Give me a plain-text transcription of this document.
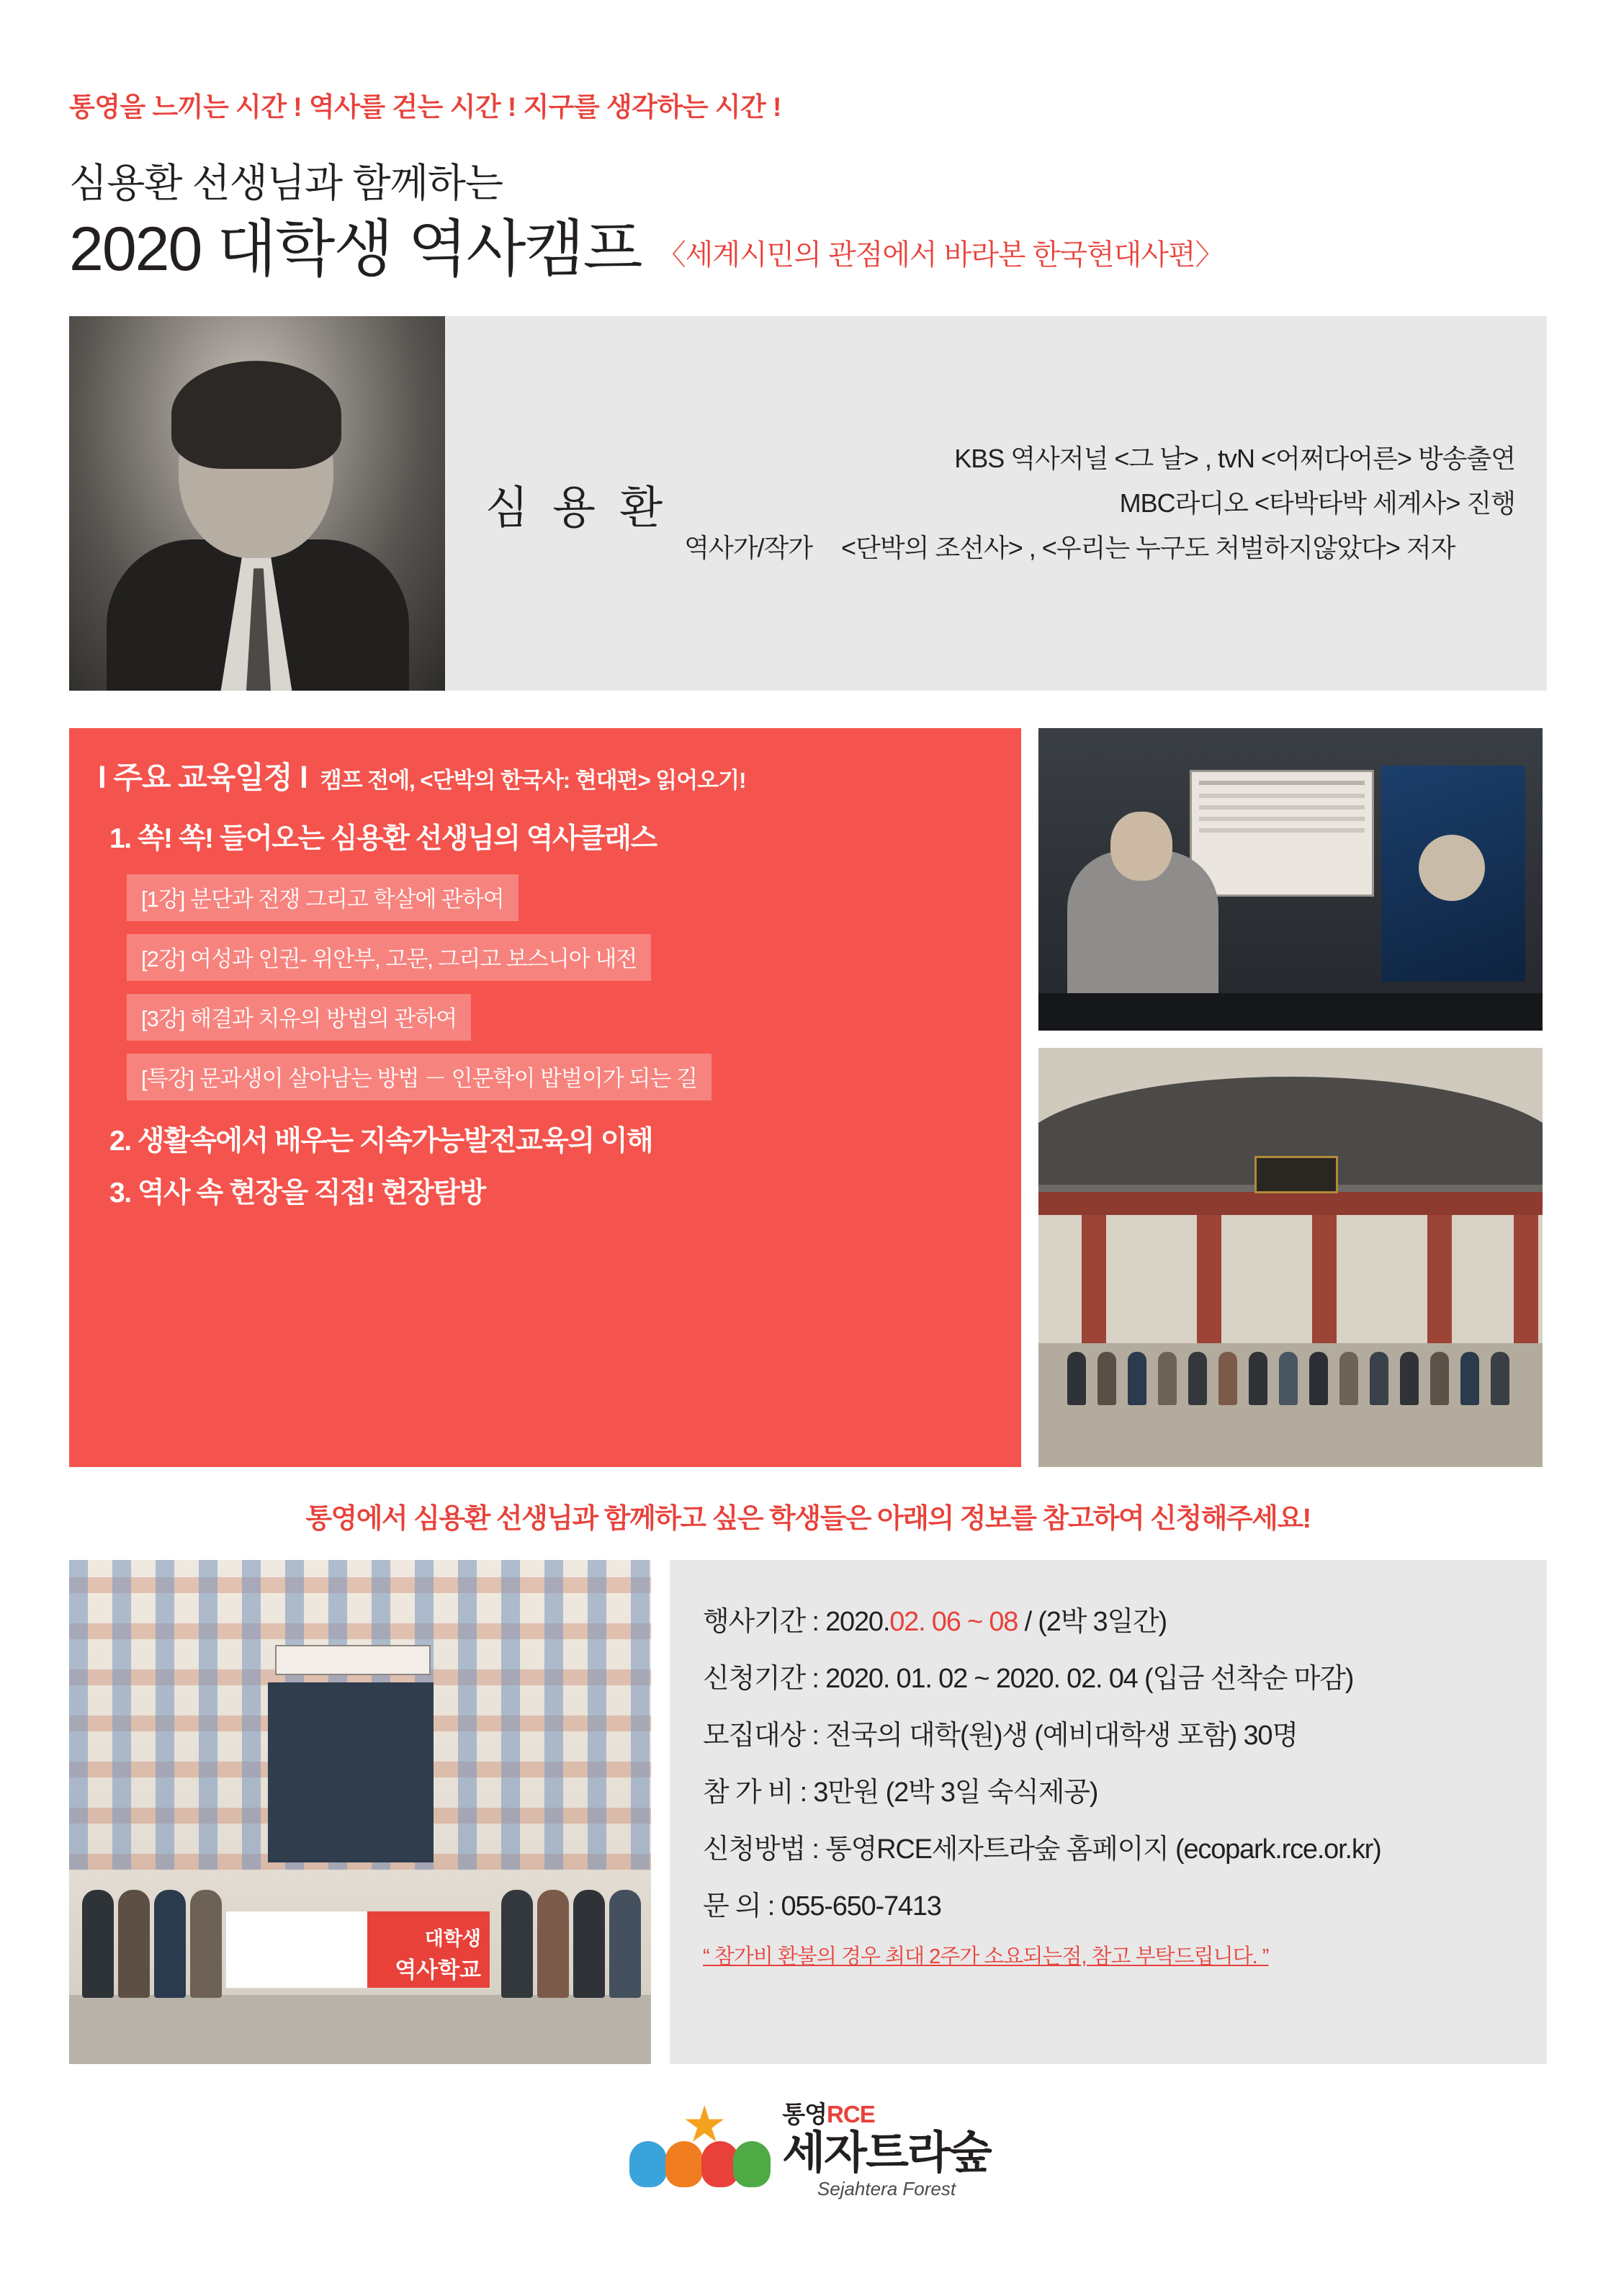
통영을 느끼는 시간 ! 역사를 걷는 시간 ! 지구를 생각하는 시간 !
심용환 선생님과 함께하는
2020 대학생 역사캠프 〈세계시민의 관점에서 바라본 한국현대사편〉
심 용 환
KBS 역사저널 <그 날> , tvN <어쩌다어른> 방송출연
MBC라디오 <타박타박 세계사> 진행
역사가/작가 <단박의 조선사> , <우리는 누구도 처벌하지않았다> 저자
l 주요 교육일정 l 캠프 전에, <단박의 한국사: 현대편> 읽어오기!
1. 쏙! 쏙! 들어오는 심용환 선생님의 역사클래스
[1강] 분단과 전쟁 그리고 학살에 관하여
[2강] 여성과 인권- 위안부, 고문, 그리고 보스니아 내전
[3강] 해결과 치유의 방법의 관하여
[특강] 문과생이 살아남는 방법 － 인문학이 밥벌이가 되는 길
2. 생활속에서 배우는 지속가능발전교육의 이해
3. 역사 속 현장을 직접! 현장탐방
통영에서 심용환 선생님과 함께하고 싶은 학생들은 아래의 정보를 참고하여 신청해주세요!
대학생
역사학교
행사기간 : 2020.02. 06 ~ 08 / (2박 3일간)
신청기간 : 2020. 01. 02 ~ 2020. 02. 04 (입금 선착순 마감)
모집대상 : 전국의 대학(원)생 (예비대학생 포함) 30명
참 가 비 : 3만원 (2박 3일 숙식제공)
신청방법 : 통영RCE세자트라숲 홈페이지 (ecopark.rce.or.kr)
문 의 : 055-650-7413
“ 참가비 환불의 경우 최대 2주가 소요되는점, 참고 부탁드립니다. ”
통영RCE
세자트라숲
Sejahtera Forest
